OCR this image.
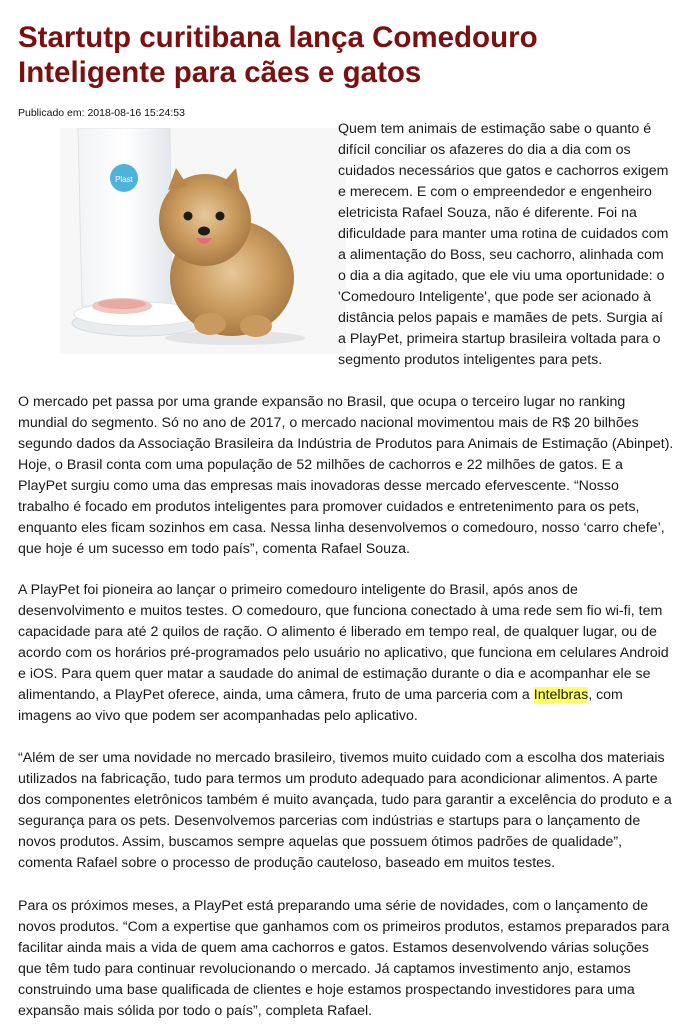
Startutp curitibana lança Comedouro Inteligente para cães e gatos
Publicado em: 2018-08-16 15:24:53
Plast
Quem tem animais de estimação sabe o quanto é difícil conciliar os afazeres do dia a dia com os cuidados necessários que gatos e cachorros exigem e merecem. E com o empreendedor e engenheiro eletricista Rafael Souza, não é diferente. Foi na dificuldade para manter uma rotina de cuidados com a alimentação do Boss, seu cachorro, alinhada com o dia a dia agitado, que ele viu uma oportunidade: o 'Comedouro Inteligente', que pode ser acionado à distância pelos papais e mamães de pets. Surgia aí a PlayPet, primeira startup brasileira voltada para o segmento produtos inteligentes para pets.
O mercado pet passa por uma grande expansão no Brasil, que ocupa o terceiro lugar no ranking mundial do segmento. Só no ano de 2017, o mercado nacional movimentou mais de R$ 20 bilhões segundo dados da Associação Brasileira da Indústria de Produtos para Animais de Estimação (Abinpet). Hoje, o Brasil conta com uma população de 52 milhões de cachorros e 22 milhões de gatos. E a PlayPet surgiu como uma das empresas mais inovadoras desse mercado efervescente. “Nosso trabalho é focado em produtos inteligentes para promover cuidados e entretenimento para os pets, enquanto eles ficam sozinhos em casa. Nessa linha desenvolvemos o comedouro, nosso ‘carro chefe’, que hoje é um sucesso em todo país”, comenta Rafael Souza.
A PlayPet foi pioneira ao lançar o primeiro comedouro inteligente do Brasil, após anos de desenvolvimento e muitos testes. O comedouro, que funciona conectado à uma rede sem fio wi-fi, tem capacidade para até 2 quilos de ração. O alimento é liberado em tempo real, de qualquer lugar, ou de acordo com os horários pré-programados pelo usuário no aplicativo, que funciona em celulares Android e iOS. Para quem quer matar a saudade do animal de estimação durante o dia e acompanhar ele se alimentando, a PlayPet oferece, ainda, uma câmera, fruto de uma parceria com a Intelbras, com imagens ao vivo que podem ser acompanhadas pelo aplicativo.
“Além de ser uma novidade no mercado brasileiro, tivemos muito cuidado com a escolha dos materiais utilizados na fabricação, tudo para termos um produto adequado para acondicionar alimentos. A parte dos componentes eletrônicos também é muito avançada, tudo para garantir a excelência do produto e a segurança para os pets. Desenvolvemos parcerias com indústrias e startups para o lançamento de novos produtos. Assim, buscamos sempre aquelas que possuem ótimos padrões de qualidade”, comenta Rafael sobre o processo de produção cauteloso, baseado em muitos testes.
Para os próximos meses, a PlayPet está preparando uma série de novidades, com o lançamento de novos produtos. “Com a expertise que ganhamos com os primeiros produtos, estamos preparados para facilitar ainda mais a vida de quem ama cachorros e gatos. Estamos desenvolvendo várias soluções que têm tudo para continuar revolucionando o mercado. Já captamos investimento anjo, estamos construindo uma base qualificada de clientes e hoje estamos prospectando investidores para uma expansão mais sólida por todo o país”, completa Rafael.
